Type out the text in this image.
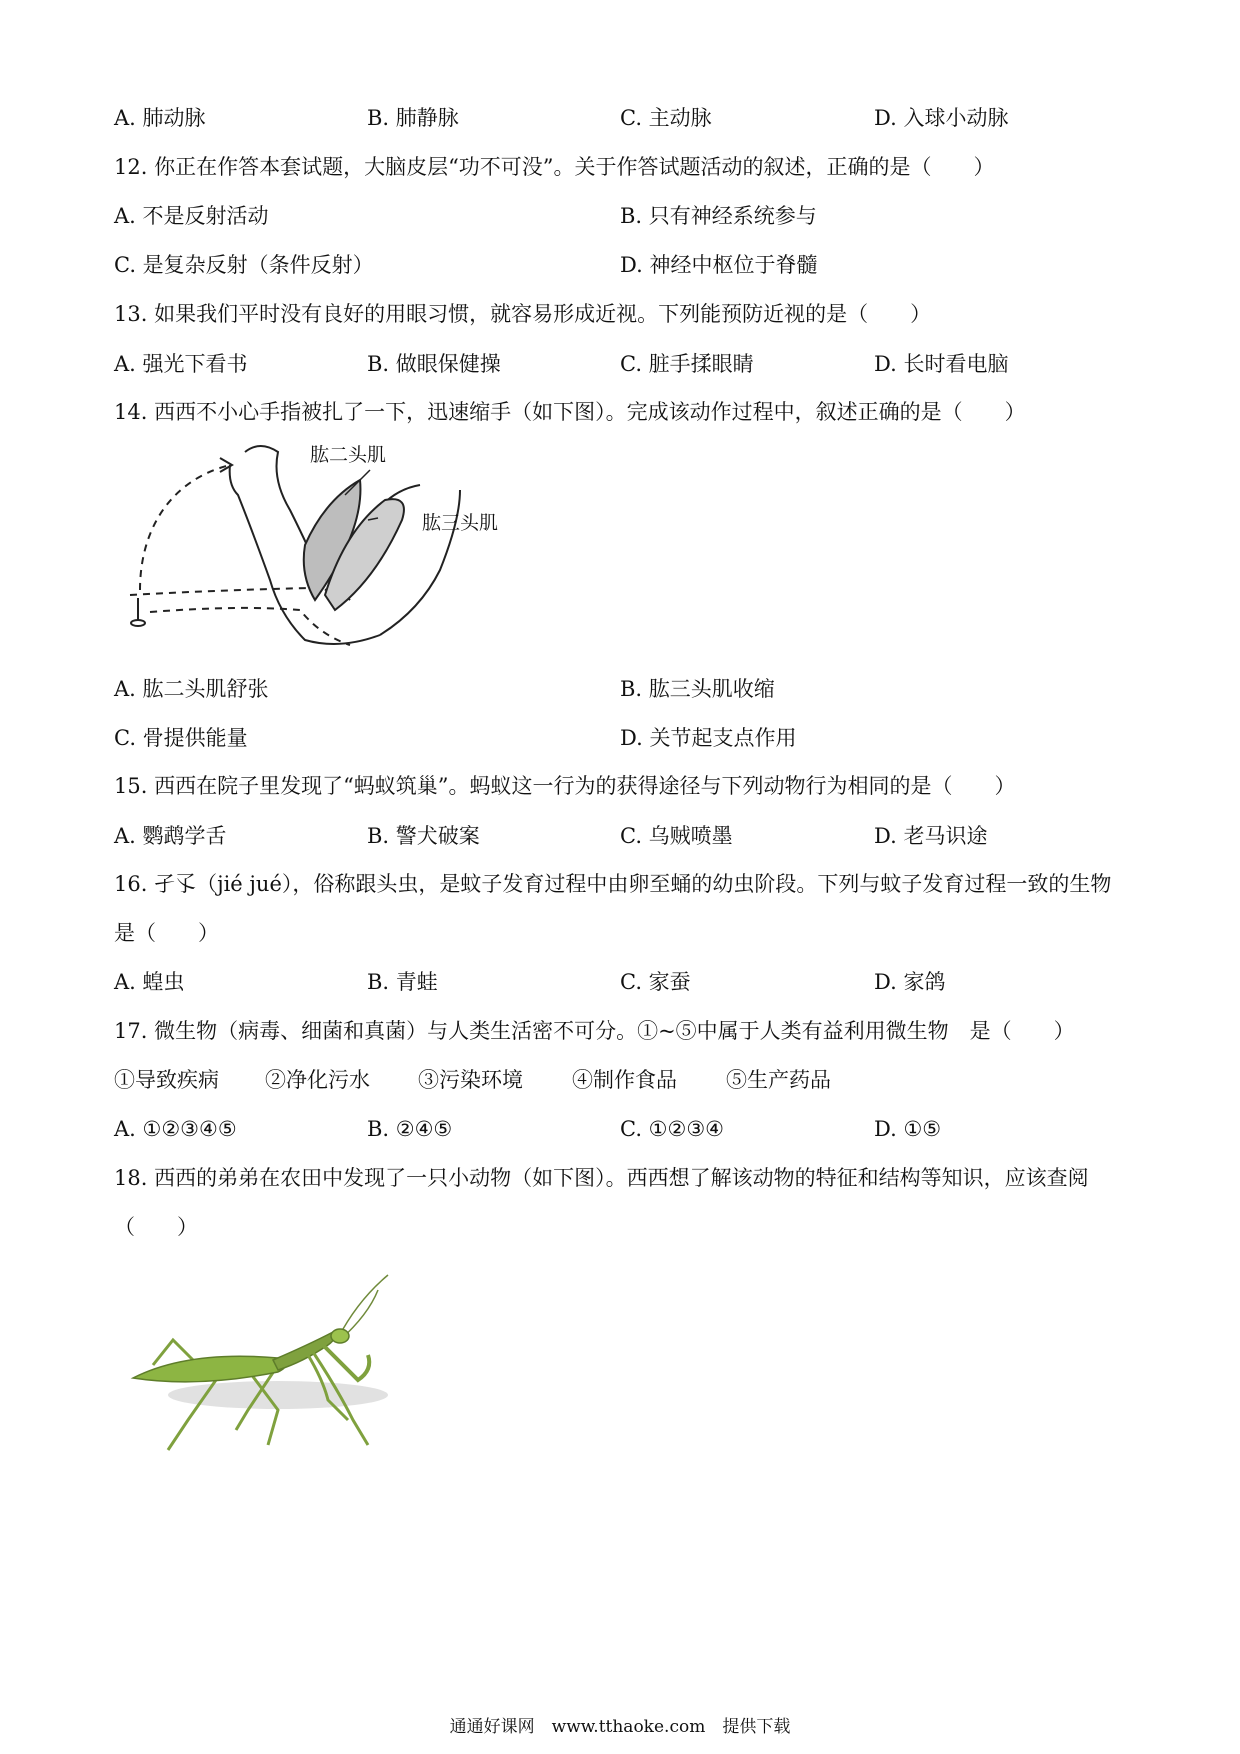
A. 肺动脉	B. 肺静脉	C. 主动脉	D. 入球小动脉
12. 你正在作答本套试题，大脑皮层“功不可没”。关于作答试题活动的叙述，正确的是（　　）
A. 不是反射活动	B. 只有神经系统参与
C. 是复杂反射（条件反射）	D. 神经中枢位于脊髓
13. 如果我们平时没有良好的用眼习惯，就容易形成近视。下列能预防近视的是（　　）
A. 强光下看书	B. 做眼保健操	C. 脏手揉眼睛	D. 长时看电脑
14. 西西不小心手指被扎了一下，迅速缩手（如下图）。完成该动作过程中，叙述正确的是（　　）
肱二头肌
肱三头肌
A. 肱二头肌舒张	B. 肱三头肌收缩
C. 骨提供能量	D. 关节起支点作用
15. 西西在院子里发现了“蚂蚁筑巢”。蚂蚁这一行为的获得途径与下列动物行为相同的是（　　）
A. 鹦鹉学舌	B. 警犬破案	C. 乌贼喷墨	D. 老马识途
16. 孑孓（jié jué），俗称跟头虫，是蚊子发育过程中由卵至蛹的幼虫阶段。下列与蚊子发育过程一致的生物
是（　　）
A. 蝗虫	B. 青蛙	C. 家蚕	D. 家鸽
17. 微生物（病毒、细菌和真菌）与人类生活密不可分。①~⑤中属于人类有益利用微生物　是（　　）
①导致疾病 ②净化污水 ③污染环境 ④制作食品 ⑤生产药品
A. ①②③④⑤	B. ②④⑤	C. ①②③④	D. ①⑤
18. 西西的弟弟在农田中发现了一只小动物（如下图）。西西想了解该动物的特征和结构等知识，应该查阅
（　　）
通通好课网　www.tthaoke.com　提供下载
